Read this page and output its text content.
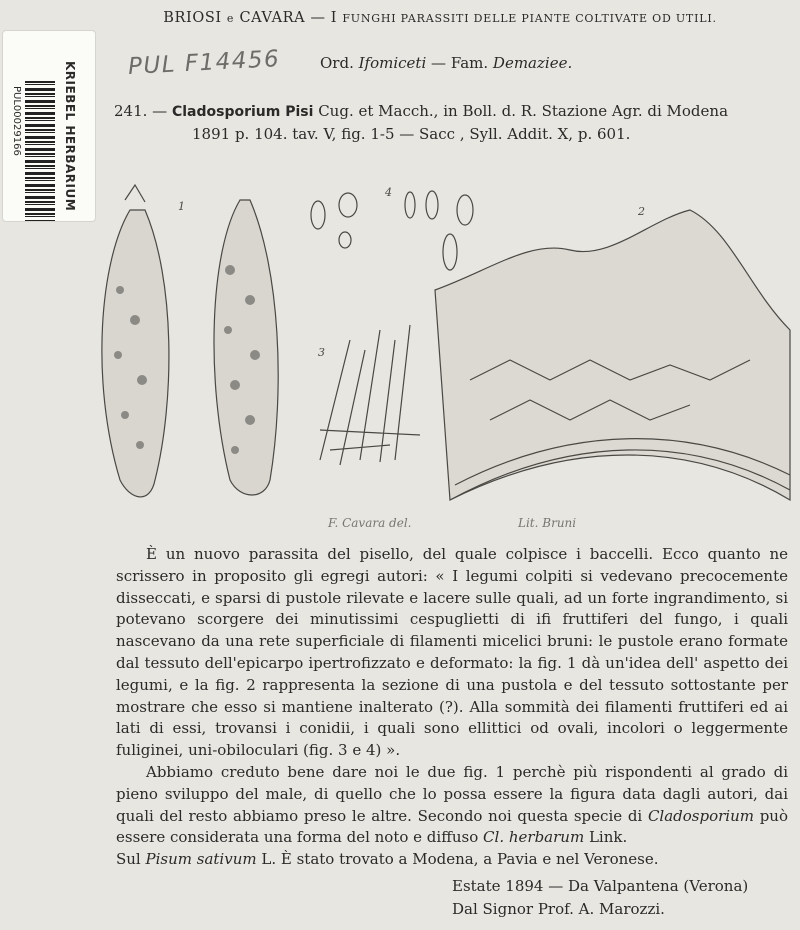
BRIOSI e CAVARA — I FUNGHI PARASSITI DELLE PIANTE COLTIVATE OD UTILI.
PUL F14456	Ord. Ifomiceti — Fam. Demaziee.
241. — Cladosporium Pisi Cug. et Macch., in Boll. d. R. Stazione Agr. di Modena
1891 p. 104. tav. V, fig. 1-5 — Sacc , Syll. Addit. X, p. 601.
KRIEBEL HERBARIUM
PUL00029166
1	2
3
4
F. Cavara del.	Lit. Bruni

È un nuovo parassita del pisello, del quale colpisce i baccelli. Ecco quanto ne scrissero in proposito gli egregi autori: « I legumi colpiti si vedevano precocemente disseccati, e sparsi di pustole rilevate e lacere sulle quali, ad un forte ingrandimento, si potevano scorgere dei minutissimi cespuglietti di ifi fruttiferi del fungo, i quali nascevano da una rete superficiale di filamenti micelici bruni: le pustole erano formate dal tessuto dell'epicarpo ipertrofizzato e deformato: la fig. 1 dà un'idea dell' aspetto dei legumi, e la fig. 2 rappresenta la sezione di una pustola e del tessuto sottostante per mostrare che esso si mantiene inalterato (?). Alla sommità dei filamenti fruttiferi ed ai lati di essi, trovansi i conidii, i quali sono ellittici od ovali, incolori o leggermente fuliginei, uni-obiloculari (fig. 3 e 4) ».

Abbiamo creduto bene dare noi le due fig. 1 perchè più rispondenti al grado di pieno sviluppo del male, di quello che lo possa essere la figura data dagli autori, dai quali del resto abbiamo preso le altre. Secondo noi questa specie di Cladosporium può essere considerata una forma del noto e diffuso Cl. herbarum Link.

Sul Pisum sativum L. È stato trovato a Modena, a Pavia e nel Veronese.

Estate 1894 — Da Valpantena (Verona)
Dal Signor Prof. A. Marozzi.
